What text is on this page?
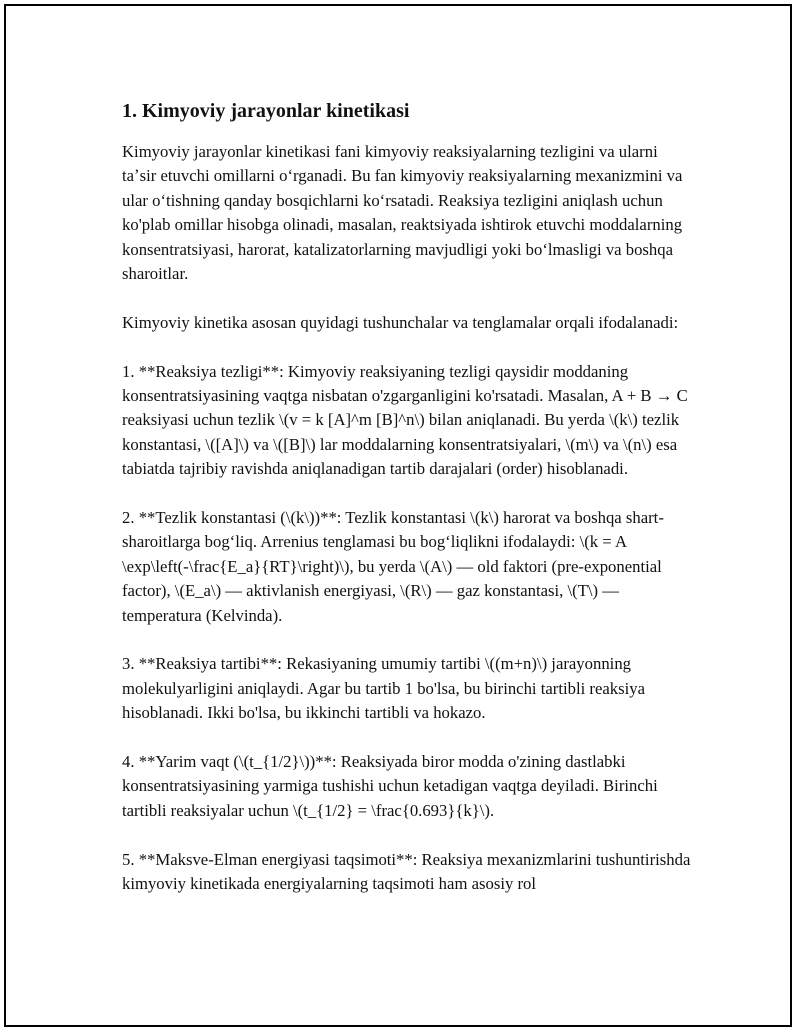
1. Kimyoviy jarayonlar kinetikasi

Kimyoviy jarayonlar kinetikasi fani kimyoviy reaksiyalarning tezligini va ularni taʼsir etuvchi omillarni oʻrganadi. Bu fan kimyoviy reaksiyalarning mexanizmini va ular oʻtishning qanday bosqichlarni koʻrsatadi. Reaksiya tezligini aniqlash uchun ko'plab omillar hisobga olinadi, masalan, reaktsiyada ishtirok etuvchi moddalarning konsentratsiyasi, harorat, katalizatorlarning mavjudligi yoki boʻlmasligi va boshqa sharoitlar.

Kimyoviy kinetika asosan quyidagi tushunchalar va tenglamalar orqali ifodalanadi:

1. **Reaksiya tezligi**: Kimyoviy reaksiyaning tezligi qaysidir moddaning konsentratsiyasining vaqtga nisbatan o'zgarganligini ko'rsatadi. Masalan, A + B → C reaksiyasi uchun tezlik \(v = k [A]^m [B]^n\) bilan aniqlanadi. Bu yerda \(k\) tezlik konstantasi, \([A]\) va \([B]\) lar moddalarning konsentratsiyalari, \(m\) va \(n\) esa tabiatda tajribiy ravishda aniqlanadigan tartib darajalari (order) hisoblanadi.

2. **Tezlik konstantasi (\(k\))**: Tezlik konstantasi \(k\) harorat va boshqa shart-sharoitlarga bogʻliq. Arrenius tenglamasi bu bogʻliqlikni ifodalaydi: \(k = A \exp\left(-\frac{E_a}{RT}\right)\), bu yerda \(A\) — old faktori (pre-exponential factor), \(E_a\) — aktivlanish energiyasi, \(R\) — gaz konstantasi, \(T\) — temperatura (Kelvinda).

3. **Reaksiya tartibi**: Rekasiyaning umumiy tartibi \((m+n)\) jarayonning molekulyarligini aniqlaydi. Agar bu tartib 1 bo'lsa, bu birinchi tartibli reaksiya hisoblanadi. Ikki bo'lsa, bu ikkinchi tartibli va hokazo.

4. **Yarim vaqt (\(t_{1/2}\))**: Reaksiyada biror modda o'zining dastlabki konsentratsiyasining yarmiga tushishi uchun ketadigan vaqtga deyiladi. Birinchi tartibli reaksiyalar uchun \(t_{1/2} = \frac{0.693}{k}\).

5. **Maksve-Elman energiyasi taqsimoti**: Reaksiya mexanizmlarini tushuntirishda kimyoviy kinetikada energiyalarning taqsimoti ham asosiy rol
